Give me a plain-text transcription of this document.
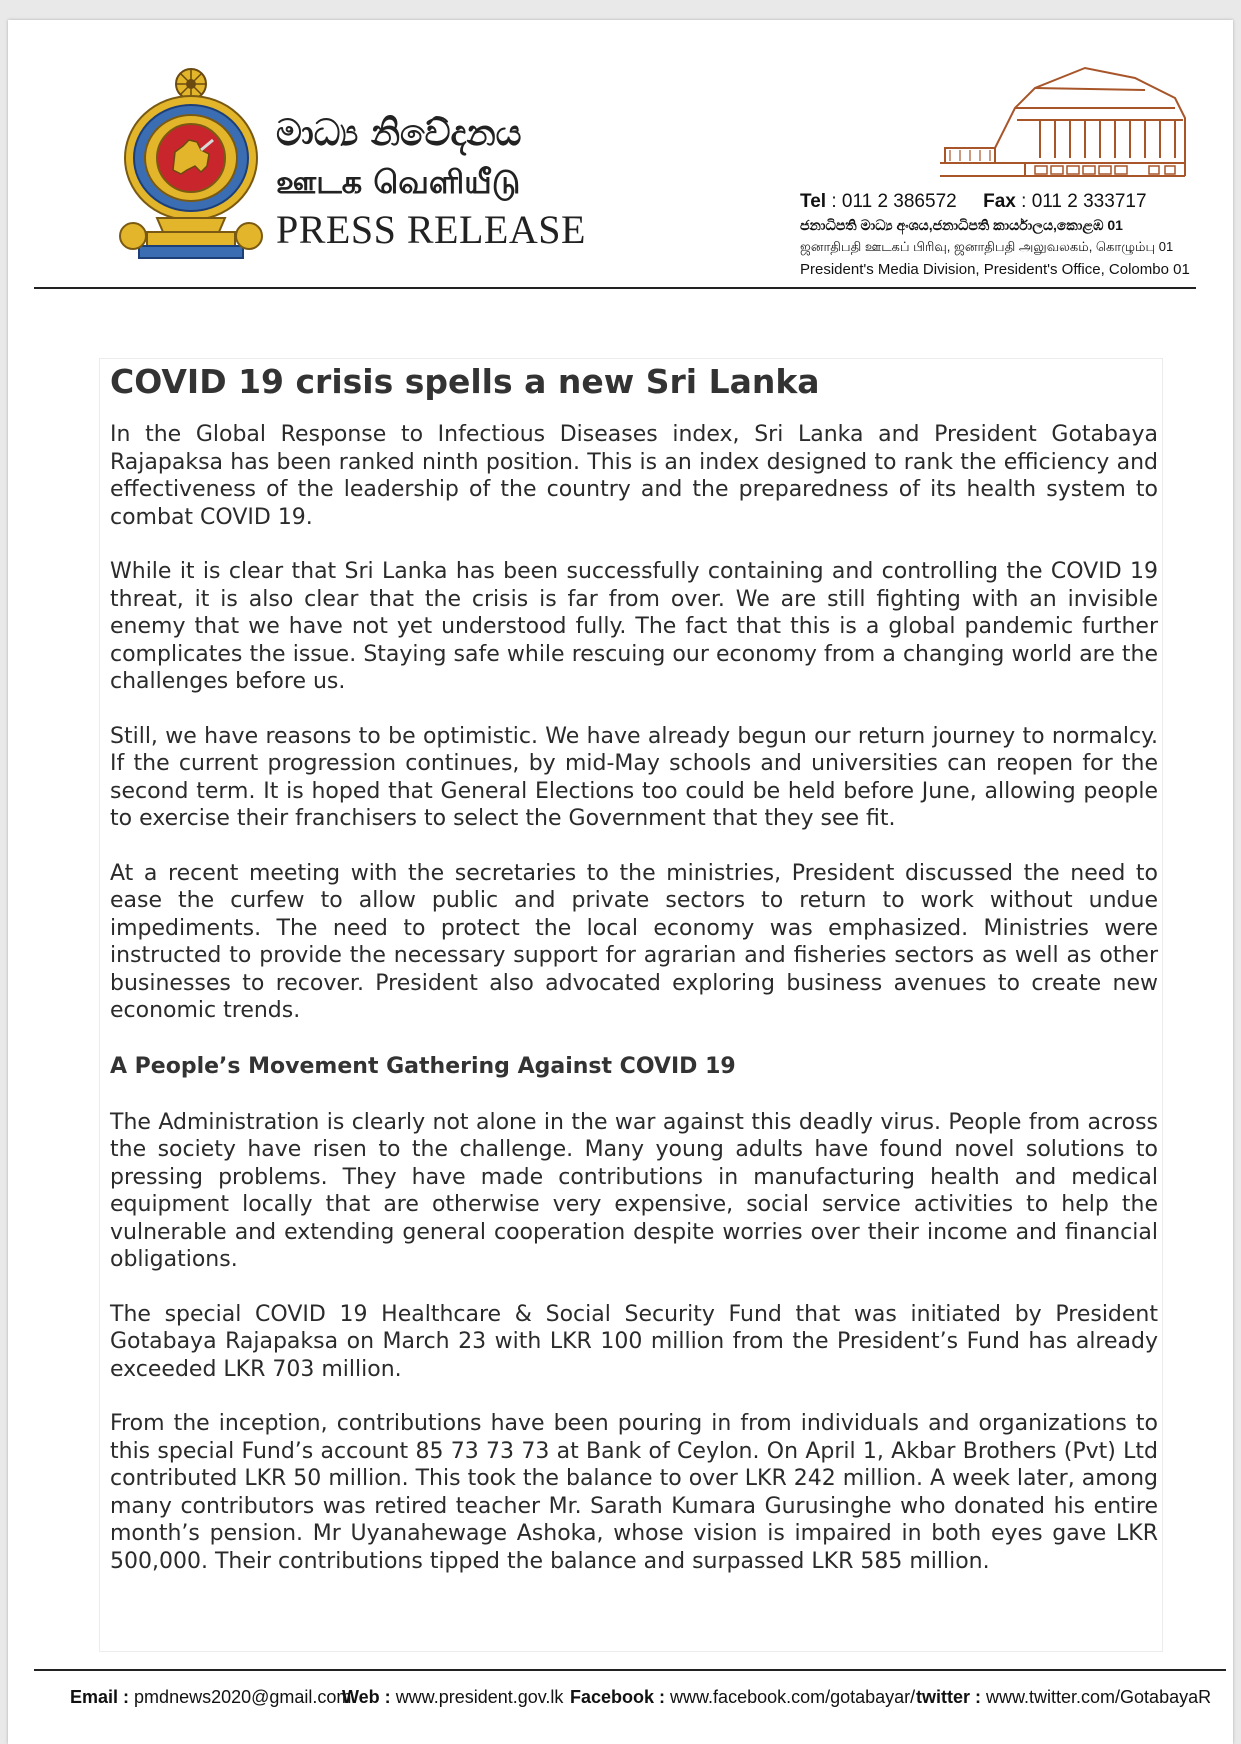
මාධ්‍ය නිවේදනය

ஊடக வெளியீடு

PRESS RELEASE

Tel : 011 2 386572 Fax : 011 2 333717

ජනාධිපති මාධ්‍ය අංශය,ජනාධිපති කාර්යාලය,කොළඹ 01

ஜனாதிபதி ஊடகப் பிரிவு, ஜனாதிபதி அலுவலகம், கொழும்பு 01

President's Media Division, President's Office, Colombo 01

COVID 19 crisis spells a new Sri Lanka

In the Global Response to Infectious Diseases index, Sri Lanka and President Gotabaya Rajapaksa has been ranked ninth position. This is an index designed to rank the efficiency and effectiveness of the leadership of the country and the preparedness of its health system to combat COVID 19.

While it is clear that Sri Lanka has been successfully containing and controlling the COVID 19 threat, it is also clear that the crisis is far from over. We are still fighting with an invisible enemy that we have not yet understood fully. The fact that this is a global pandemic further complicates the issue. Staying safe while rescuing our economy from a changing world are the challenges before us.

Still, we have reasons to be optimistic. We have already begun our return journey to normalcy. If the current progression continues, by mid-May schools and universities can reopen for the second term. It is hoped that General Elections too could be held before June, allowing people to exercise their franchisers to select the Government that they see fit.

At a recent meeting with the secretaries to the ministries, President discussed the need to ease the curfew to allow public and private sectors to return to work without undue impediments. The need to protect the local economy was emphasized. Ministries were instructed to provide the necessary support for agrarian and fisheries sectors as well as other businesses to recover. President also advocated exploring business avenues to create new economic trends.

A People’s Movement Gathering Against COVID 19

The Administration is clearly not alone in the war against this deadly virus. People from across the society have risen to the challenge. Many young adults have found novel solutions to pressing problems. They have made contributions in manufacturing health and medical equipment locally that are otherwise very expensive, social service activities to help the vulnerable and extending general cooperation despite worries over their income and financial obligations.

The special COVID 19 Healthcare & Social Security Fund that was initiated by President Gotabaya Rajapaksa on March 23 with LKR 100 million from the President’s Fund has already exceeded LKR 703 million.

From the inception, contributions have been pouring in from individuals and organizations to this special Fund’s account 85 73 73 73 at Bank of Ceylon. On April 1, Akbar Brothers (Pvt) Ltd contributed LKR 50 million. This took the balance to over LKR 242 million. A week later, among many contributors was retired teacher Mr. Sarath Kumara Gurusinghe who donated his entire month’s pension. Mr Uyanahewage Ashoka, whose vision is impaired in both eyes gave LKR 500,000. Their contributions tipped the balance and surpassed LKR 585 million.

Email : pmdnews2020@gmail.com
Web : www.president.gov.lk Facebook : www.facebook.com/gotabayar/ twitter : www.twitter.com/GotabayaR
